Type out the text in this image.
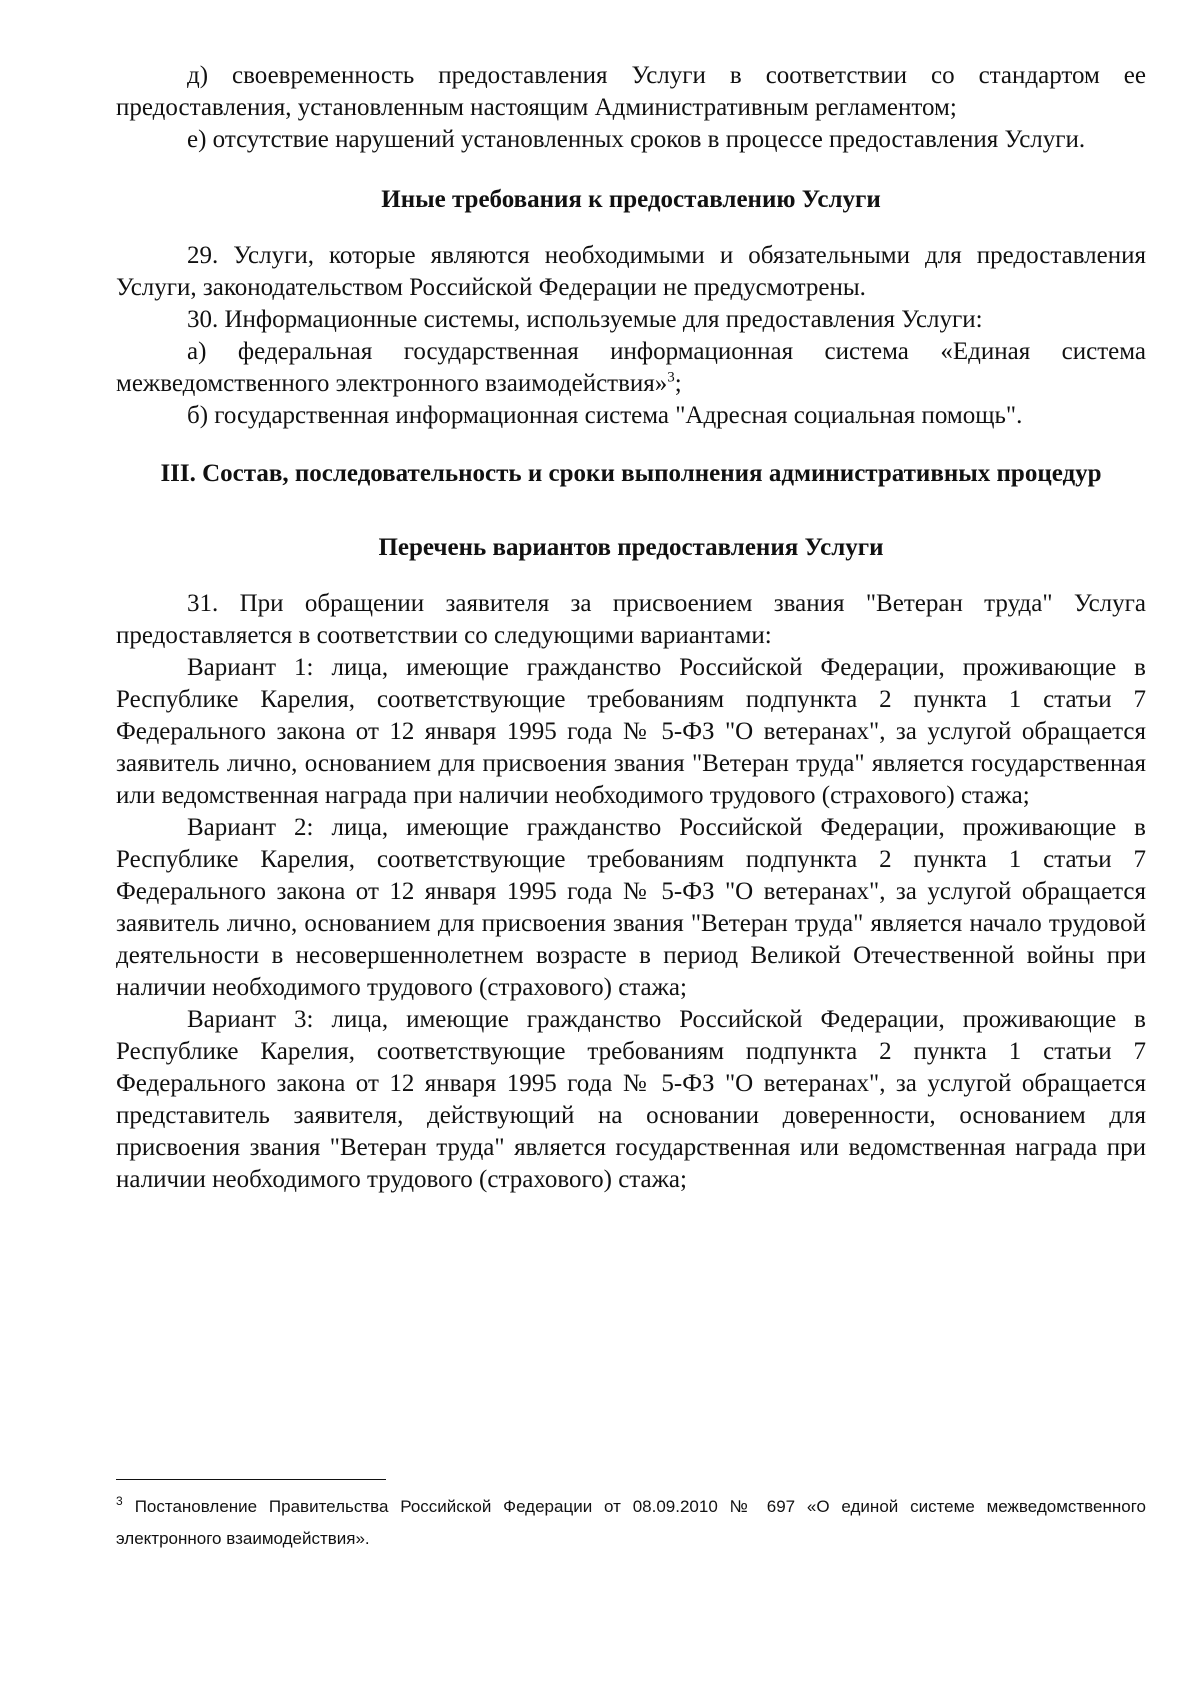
д) своевременность предоставления Услуги в соответствии со стандартом ее предоставления, установленным настоящим Административным регламентом;

е) отсутствие нарушений установленных сроков в процессе предоставления Услуги.

Иные требования к предоставлению Услуги

29. Услуги, которые являются необходимыми и обязательными для предоставления Услуги, законодательством Российской Федерации не предусмотрены.

30. Информационные системы, используемые для предоставления Услуги:

а) федеральная государственная информационная система «Единая система межведомственного электронного взаимодействия»$^3$;

б) государственная информационная система "Адресная социальная помощь".

III. Состав, последовательность и сроки выполнения административных процедур
Перечень вариантов предоставления Услуги

31. При обращении заявителя за присвоением звания "Ветеран труда" Услуга предоставляется в соответствии со следующими вариантами:

Вариант 1: лица, имеющие гражданство Российской Федерации, проживающие в Республике Карелия, соответствующие требованиям подпункта 2 пункта 1 статьи 7 Федерального закона от 12 января 1995 года № 5-ФЗ "О ветеранах", за услугой обращается заявитель лично, основанием для присвоения звания "Ветеран труда" является государственная или ведомственная награда при наличии необходимого трудового (страхового) стажа;

Вариант 2: лица, имеющие гражданство Российской Федерации, проживающие в Республике Карелия, соответствующие требованиям подпункта 2 пункта 1 статьи 7 Федерального закона от 12 января 1995 года № 5-ФЗ "О ветеранах", за услугой обращается заявитель лично, основанием для присвоения звания "Ветеран труда" является начало трудовой деятельности в несовершеннолетнем возрасте в период Великой Отечественной войны при наличии необходимого трудового (страхового) стажа;

Вариант 3: лица, имеющие гражданство Российской Федерации, проживающие в Республике Карелия, соответствующие требованиям подпункта 2 пункта 1 статьи 7 Федерального закона от 12 января 1995 года № 5-ФЗ "О ветеранах", за услугой обращается представитель заявителя, действующий на основании доверенности, основанием для присвоения звания "Ветеран труда" является государственная или ведомственная награда при наличии необходимого трудового (страхового) стажа;

$^3$ Постановление Правительства Российской Федерации от 08.09.2010 № 697 «О единой системе межведомственного электронного взаимодействия».
